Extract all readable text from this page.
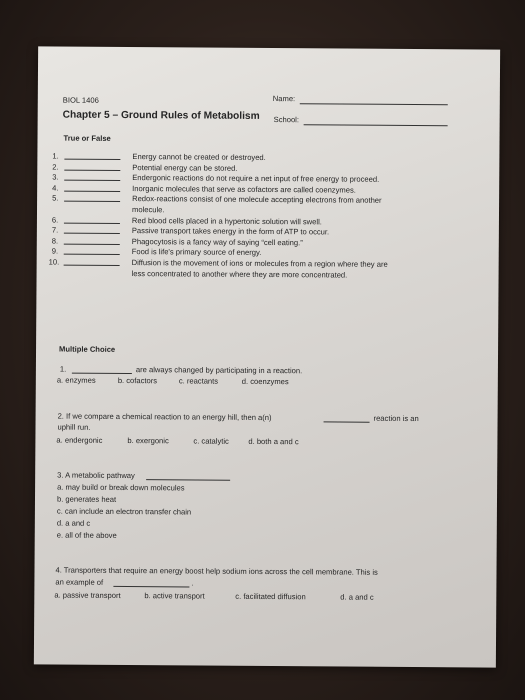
BIOL 1406	Name:
Chapter 5 – Ground Rules of Metabolism School:
True or False
1.	Energy cannot be created or destroyed.
2.	Potential energy can be stored.
3.	Endergonic reactions do not require a net input of free energy to proceed.
4.	Inorganic molecules that serve as cofactors are called coenzymes.
5.	Redox-reactions consist of one molecule accepting electrons from another
molecule.
6.	Red blood cells placed in a hypertonic solution will swell.
7.	Passive transport takes energy in the form of ATP to occur.
8.	Phagocytosis is a fancy way of saying “cell eating.”
9.	Food is life's primary source of energy.
10.	Diffusion is the movement of ions or molecules from a region where they are
less concentrated to another where they are more concentrated.
Multiple Choice
1.	are always changed by participating in a reaction.
a. enzymes	b. cofactors	c. reactants	d. coenzymes
2. If we compare a chemical reaction to an energy hill, then a(n)	reaction is an
uphill run.
a. endergonic	b. exergonic	c. catalytic	d. both a and c
3. A metabolic pathway
a. may build or break down molecules
b. generates heat
c. can include an electron transfer chain
d. a and c
e. all of the above
4. Transporters that require an energy boost help sodium ions across the cell membrane. This is
an example of	.
a. passive transport	b. active transport	c. facilitated diffusion	d. a and c
